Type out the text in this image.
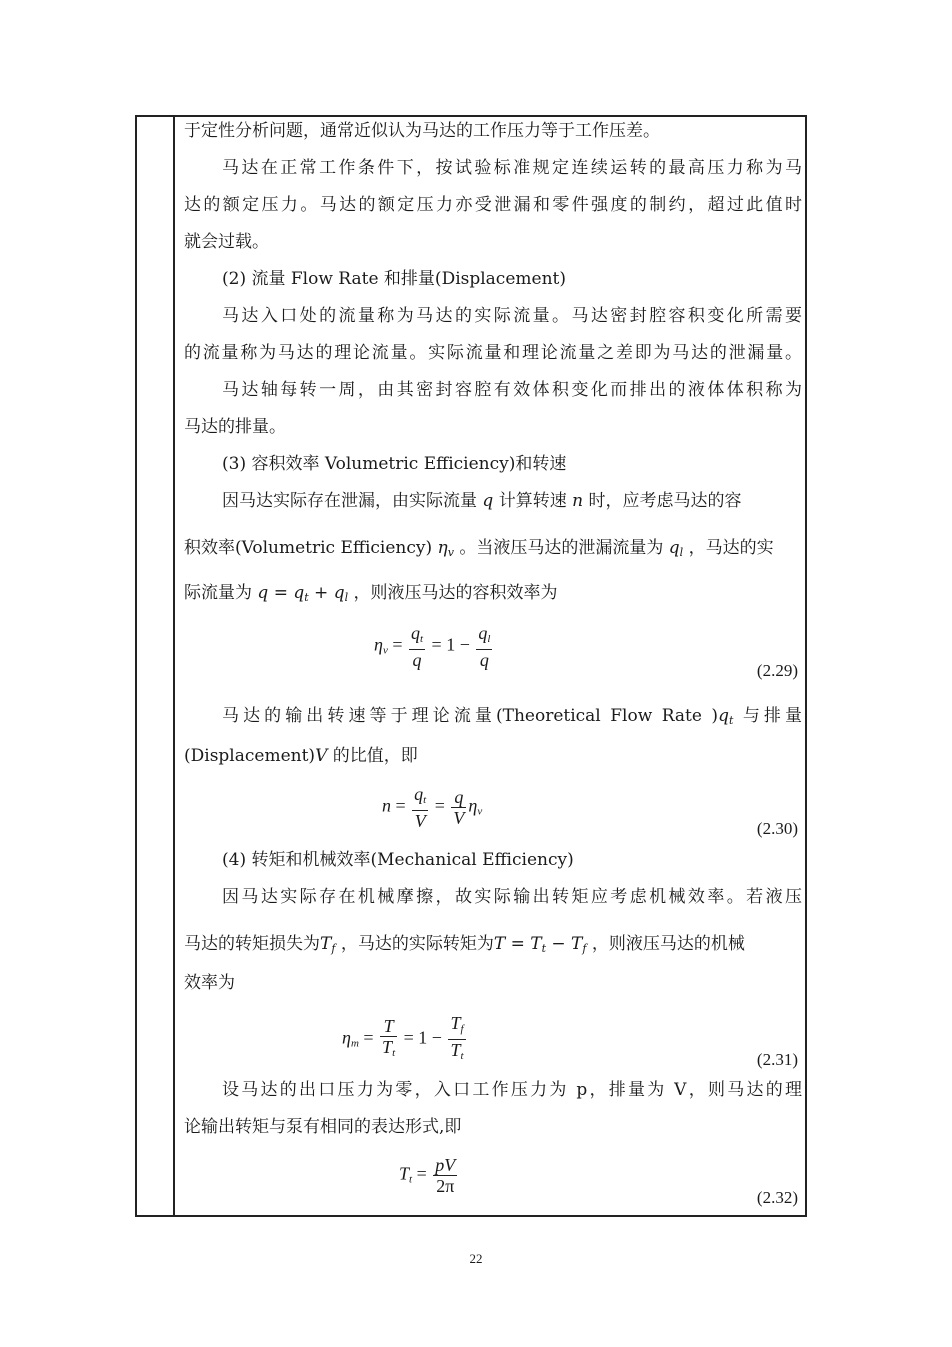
于定性分析问题，通常近似认为马达的工作压力等于工作压差。
马达在正常工作条件下，按试验标准规定连续运转的最高压力称为马
达的额定压力。马达的额定压力亦受泄漏和零件强度的制约，超过此值时
就会过载。
(2) 流量 Flow Rate 和排量(Displacement)
马达入口处的流量称为马达的实际流量。马达密封腔容积变化所需要
的流量称为马达的理论流量。实际流量和理论流量之差即为马达的泄漏量。
马达轴每转一周，由其密封容腔有效体积变化而排出的液体体积称为
马达的排量。
(3) 容积效率 Volumetric Efficiency)和转速
因马达实际存在泄漏，由实际流量 q 计算转速 n 时，应考虑马达的容
积效率(Volumetric Efficiency) $\eta_v$ 。当液压马达的泄漏流量为 $q_l$ ，马达的实
际流量为 $q = q_t + q_l$ ，则液压马达的容积效率为
$\eta_v = \frac{q_t}{q} = 1 - \frac{q_l}{q}$
(2.29)
马达的输出转速等于理论流量(Theoretical Flow Rate )$q_t$ 与排量
(Displacement)V 的比值，即
$n = \frac{q_t}{V} = \frac{q}{V} \eta_v$
(2.30)
(4) 转矩和机械效率(Mechanical Efficiency)
因马达实际存在机械摩擦，故实际输出转矩应考虑机械效率。若液压
马达的转矩损失为$T_f$ ，马达的实际转矩为$T = T_t - T_f$ ，则液压马达的机械
效率为
$\eta_m = \frac{T}{T_t} = 1 - \frac{T_f}{T_t}$	(2.31)
设马达的出口压力为零，入口工作压力为 p，排量为 V，则马达的理
论输出转矩与泵有相同的表达形式,即
$T_t = \frac{pV}{2\pi}$
(2.32)
22
